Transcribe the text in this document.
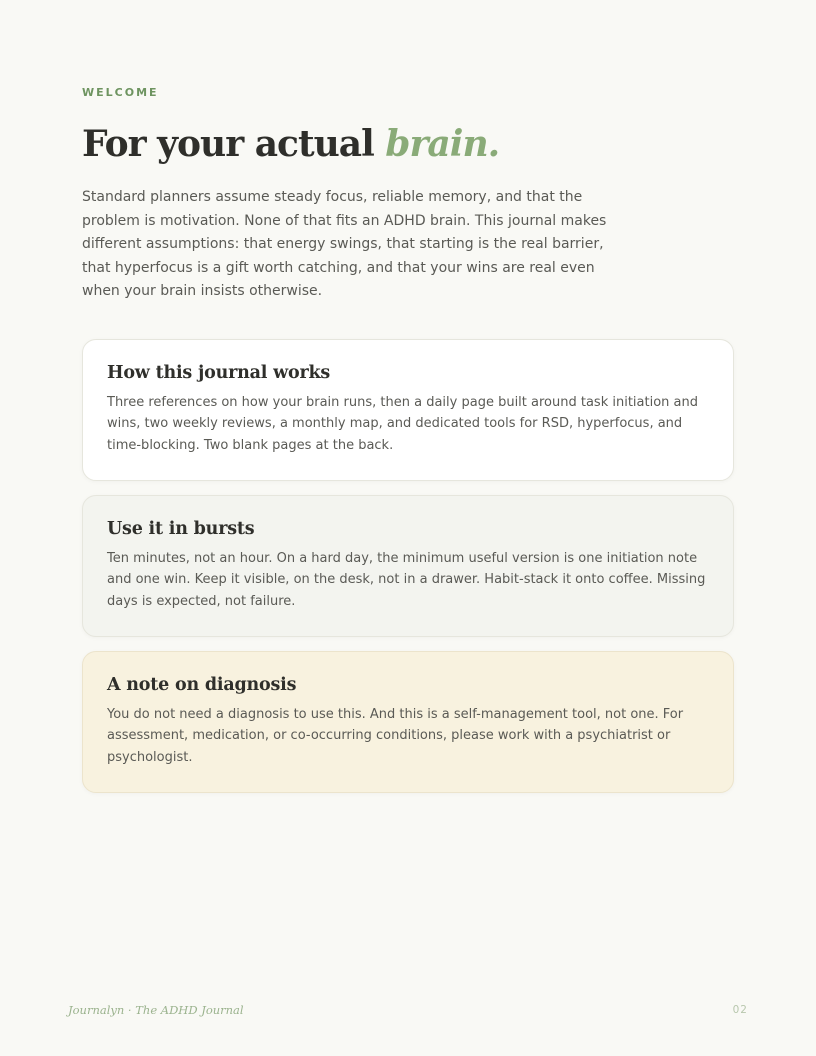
WELCOME

For your actual brain.

Standard planners assume steady focus, reliable memory, and that the problem is motivation. None of that fits an ADHD brain. This journal makes different assumptions: that energy swings, that starting is the real barrier, that hyperfocus is a gift worth catching, and that your wins are real even when your brain insists otherwise.

How this journal works

Three references on how your brain runs, then a daily page built around task initiation and wins, two weekly reviews, a monthly map, and dedicated tools for RSD, hyperfocus, and time-blocking. Two blank pages at the back.

Use it in bursts

Ten minutes, not an hour. On a hard day, the minimum useful version is one initiation note and one win. Keep it visible, on the desk, not in a drawer. Habit-stack it onto coffee. Missing days is expected, not failure.

A note on diagnosis

You do not need a diagnosis to use this. And this is a self-management tool, not one. For assessment, medication, or co-occurring conditions, please work with a psychiatrist or psychologist.

Journalyn · The ADHD Journal	02
